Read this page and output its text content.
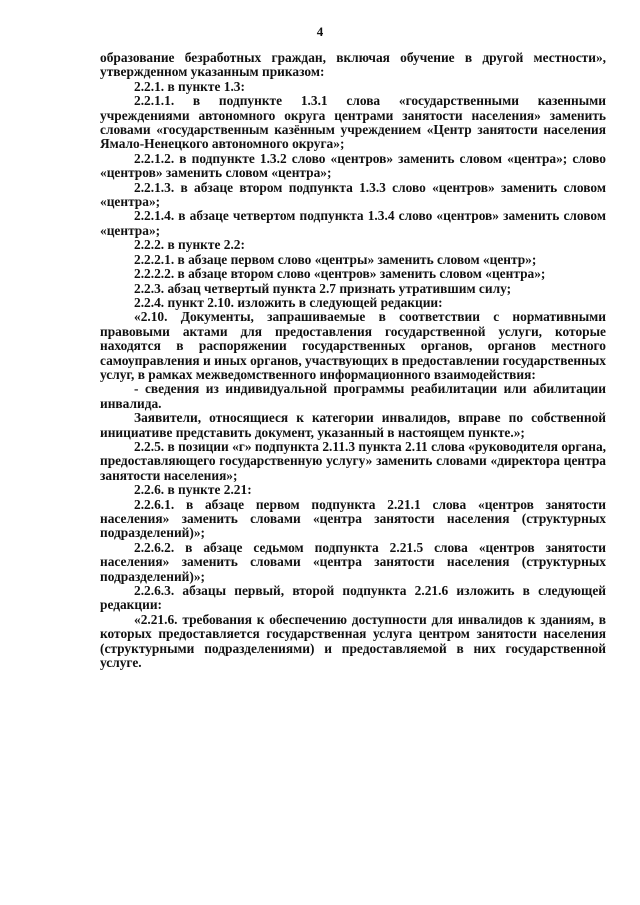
4

образование безработных граждан, включая обучение в другой местности», утвержденном указанным приказом:

2.2.1. в пункте 1.3:

2.2.1.1. в подпункте 1.3.1 слова «государственными казенными учреждениями автономного округа центрами занятости населения» заменить словами «государственным казённым учреждением «Центр занятости населения Ямало-Ненецкого автономного округа»;

2.2.1.2. в подпункте 1.3.2 слово «центров» заменить словом «центра»; слово «центров» заменить словом «центра»;

2.2.1.3. в абзаце втором подпункта 1.3.3 слово «центров» заменить словом «центра»;

2.2.1.4. в абзаце четвертом подпункта 1.3.4 слово «центров» заменить словом «центра»;

2.2.2. в пункте 2.2:

2.2.2.1. в абзаце первом слово «центры» заменить словом «центр»;

2.2.2.2. в абзаце втором слово «центров» заменить словом «центра»;

2.2.3. абзац четвертый пункта 2.7 признать утратившим силу;

2.2.4. пункт 2.10. изложить в следующей редакции:

«2.10. Документы, запрашиваемые в соответствии с нормативными правовыми актами для предоставления государственной услуги, которые находятся в распоряжении государственных органов, органов местного самоуправления и иных органов, участвующих в предоставлении государственных услуг, в рамках межведомственного информационного взаимодействия:

- сведения из индивидуальной программы реабилитации или абилитации инвалида.

Заявители, относящиеся к категории инвалидов, вправе по собственной инициативе представить документ, указанный в настоящем пункте.»;

2.2.5. в позиции «г» подпункта 2.11.3 пункта 2.11 слова «руководителя органа, предоставляющего государственную услугу» заменить словами «директора центра занятости населения»;

2.2.6. в пункте 2.21:

2.2.6.1. в абзаце первом подпункта 2.21.1 слова «центров занятости населения» заменить словами «центра занятости населения (структурных подразделений)»;

2.2.6.2. в абзаце седьмом подпункта 2.21.5 слова «центров занятости населения» заменить словами «центра занятости населения (структурных подразделений)»;

2.2.6.3. абзацы первый, второй подпункта 2.21.6 изложить в следующей редакции:

«2.21.6. требования к обеспечению доступности для инвалидов к зданиям, в которых предоставляется государственная услуга центром занятости населения (структурными подразделениями) и предоставляемой в них государственной услуге.
